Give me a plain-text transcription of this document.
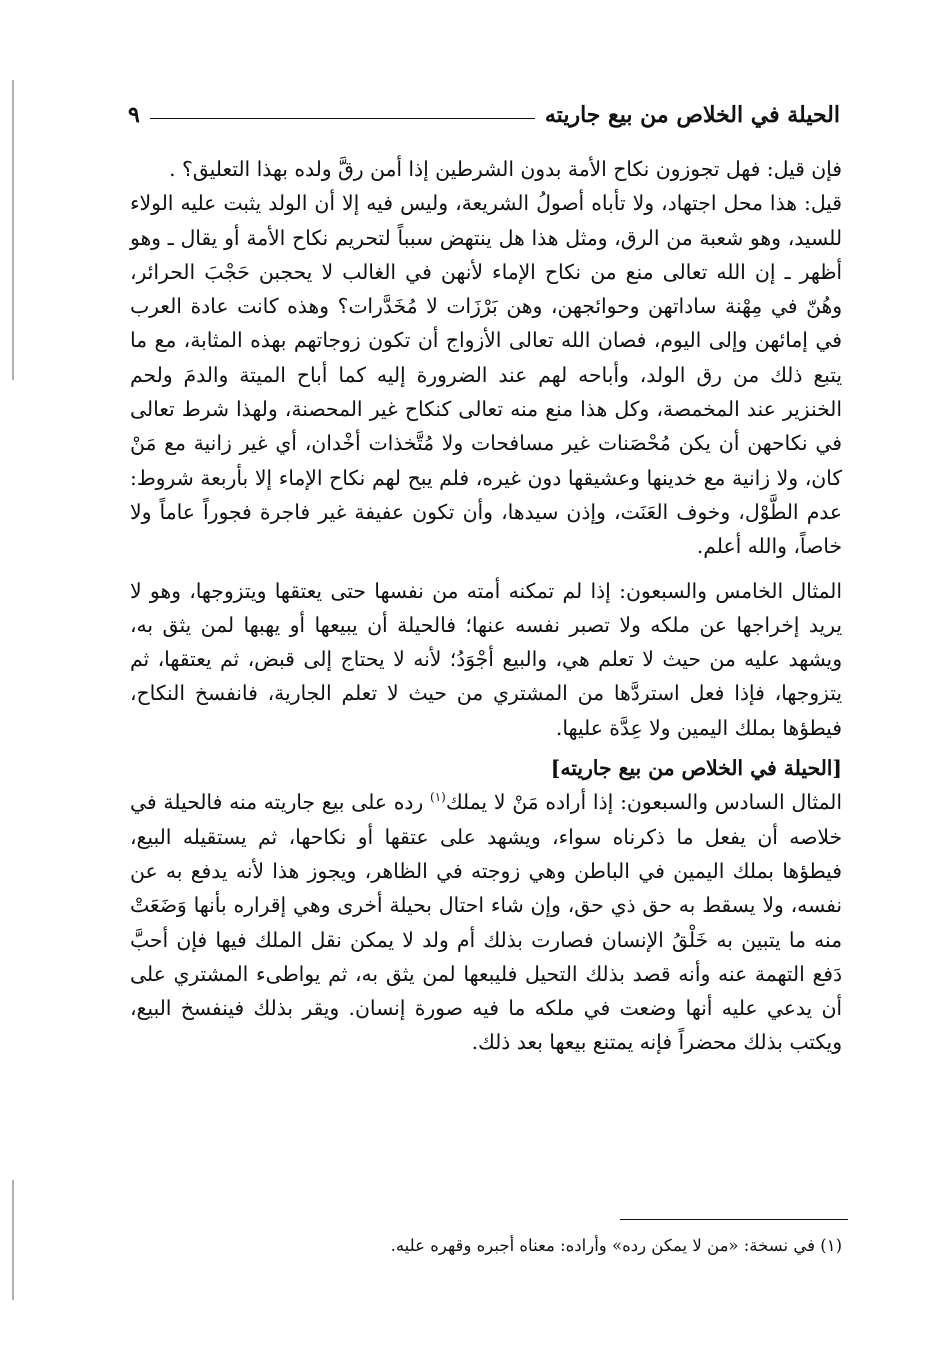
الحيلة في الخلاص من بيع جاريته
٩

فإن قيل: فهل تجوزون نكاح الأمة بدون الشرطين إذا أمن رقَّ ولده بهذا التعليق؟ .

قيل: هذا محل اجتهاد، ولا تأباه أصولُ الشريعة، وليس فيه إلا أن الولد يثبت عليه الولاء للسيد، وهو شعبة من الرق، ومثل هذا هل ينتهض سبباً لتحريم نكاح الأمة أو يقال ـ وهو أظهر ـ إن الله تعالى منع من نكاح الإماء لأنهن في الغالب لا يحجبن حَجْبَ الحرائر، وهُنّ في مِهْنة ساداتهن وحوائجهن، وهن بَرْزَات لا مُخَدَّرات؟ وهذه كانت عادة العرب في إمائهن وإلى اليوم، فصان الله تعالى الأزواج أن تكون زوجاتهم بهذه المثابة، مع ما يتبع ذلك من رق الولد، وأباحه لهم عند الضرورة إليه كما أباح الميتة والدمَ ولحم الخنزير عند المخمصة، وكل هذا منع منه تعالى كنكاح غير المحصنة، ولهذا شرط تعالى في نكاحهن أن يكن مُحْصَنات غير مسافحات ولا مُتَّخذات أخْدان، أي غير زانية مع مَنْ كان، ولا زانية مع خدينها وعشيقها دون غيره، فلم يبح لهم نكاح الإماء إلا بأربعة شروط: عدم الطَّوْل، وخوف العَنَت، وإذن سيدها، وأن تكون عفيفة غير فاجرة فجوراً عاماً ولا خاصاً، والله أعلم.

المثال الخامس والسبعون: إذا لم تمكنه أمته من نفسها حتى يعتقها ويتزوجها، وهو لا يريد إخراجها عن ملكه ولا تصبر نفسه عنها؛ فالحيلة أن يبيعها أو يهبها لمن يثق به، ويشهد عليه من حيث لا تعلم هي، والبيع أجْوَدُ؛ لأنه لا يحتاج إلى قبض، ثم يعتقها، ثم يتزوجها، فإذا فعل استردَّها من المشتري من حيث لا تعلم الجارية، فانفسخ النكاح، فيطؤها بملك اليمين ولا عِدَّة عليها.

[الحيلة في الخلاص من بيع جاريته]

المثال السادس والسبعون: إذا أراده مَنْ لا يملك$^{(١)}$ رده على بيع جاريته منه فالحيلة في خلاصه أن يفعل ما ذكرناه سواء، ويشهد على عتقها أو نكاحها، ثم يستقيله البيع، فيطؤها بملك اليمين في الباطن وهي زوجته في الظاهر، ويجوز هذا لأنه يدفع به عن نفسه، ولا يسقط به حق ذي حق، وإن شاء احتال بحيلة أخرى وهي إقراره بأنها وَضَعَتْ منه ما يتبين به خَلْقُ الإنسان فصارت بذلك أم ولد لا يمكن نقل الملك فيها فإن أحبَّ دَفع التهمة عنه وأنه قصد بذلك التحيل فليبعها لمن يثق به، ثم يواطىء المشتري على أن يدعي عليه أنها وضعت في ملكه ما فيه صورة إنسان. ويقر بذلك فينفسخ البيع، ويكتب بذلك محضراً فإنه يمتنع بيعها بعد ذلك.

(١) في نسخة: «من لا يمكن رده» وأراده: معناه أجبره وقهره عليه.
